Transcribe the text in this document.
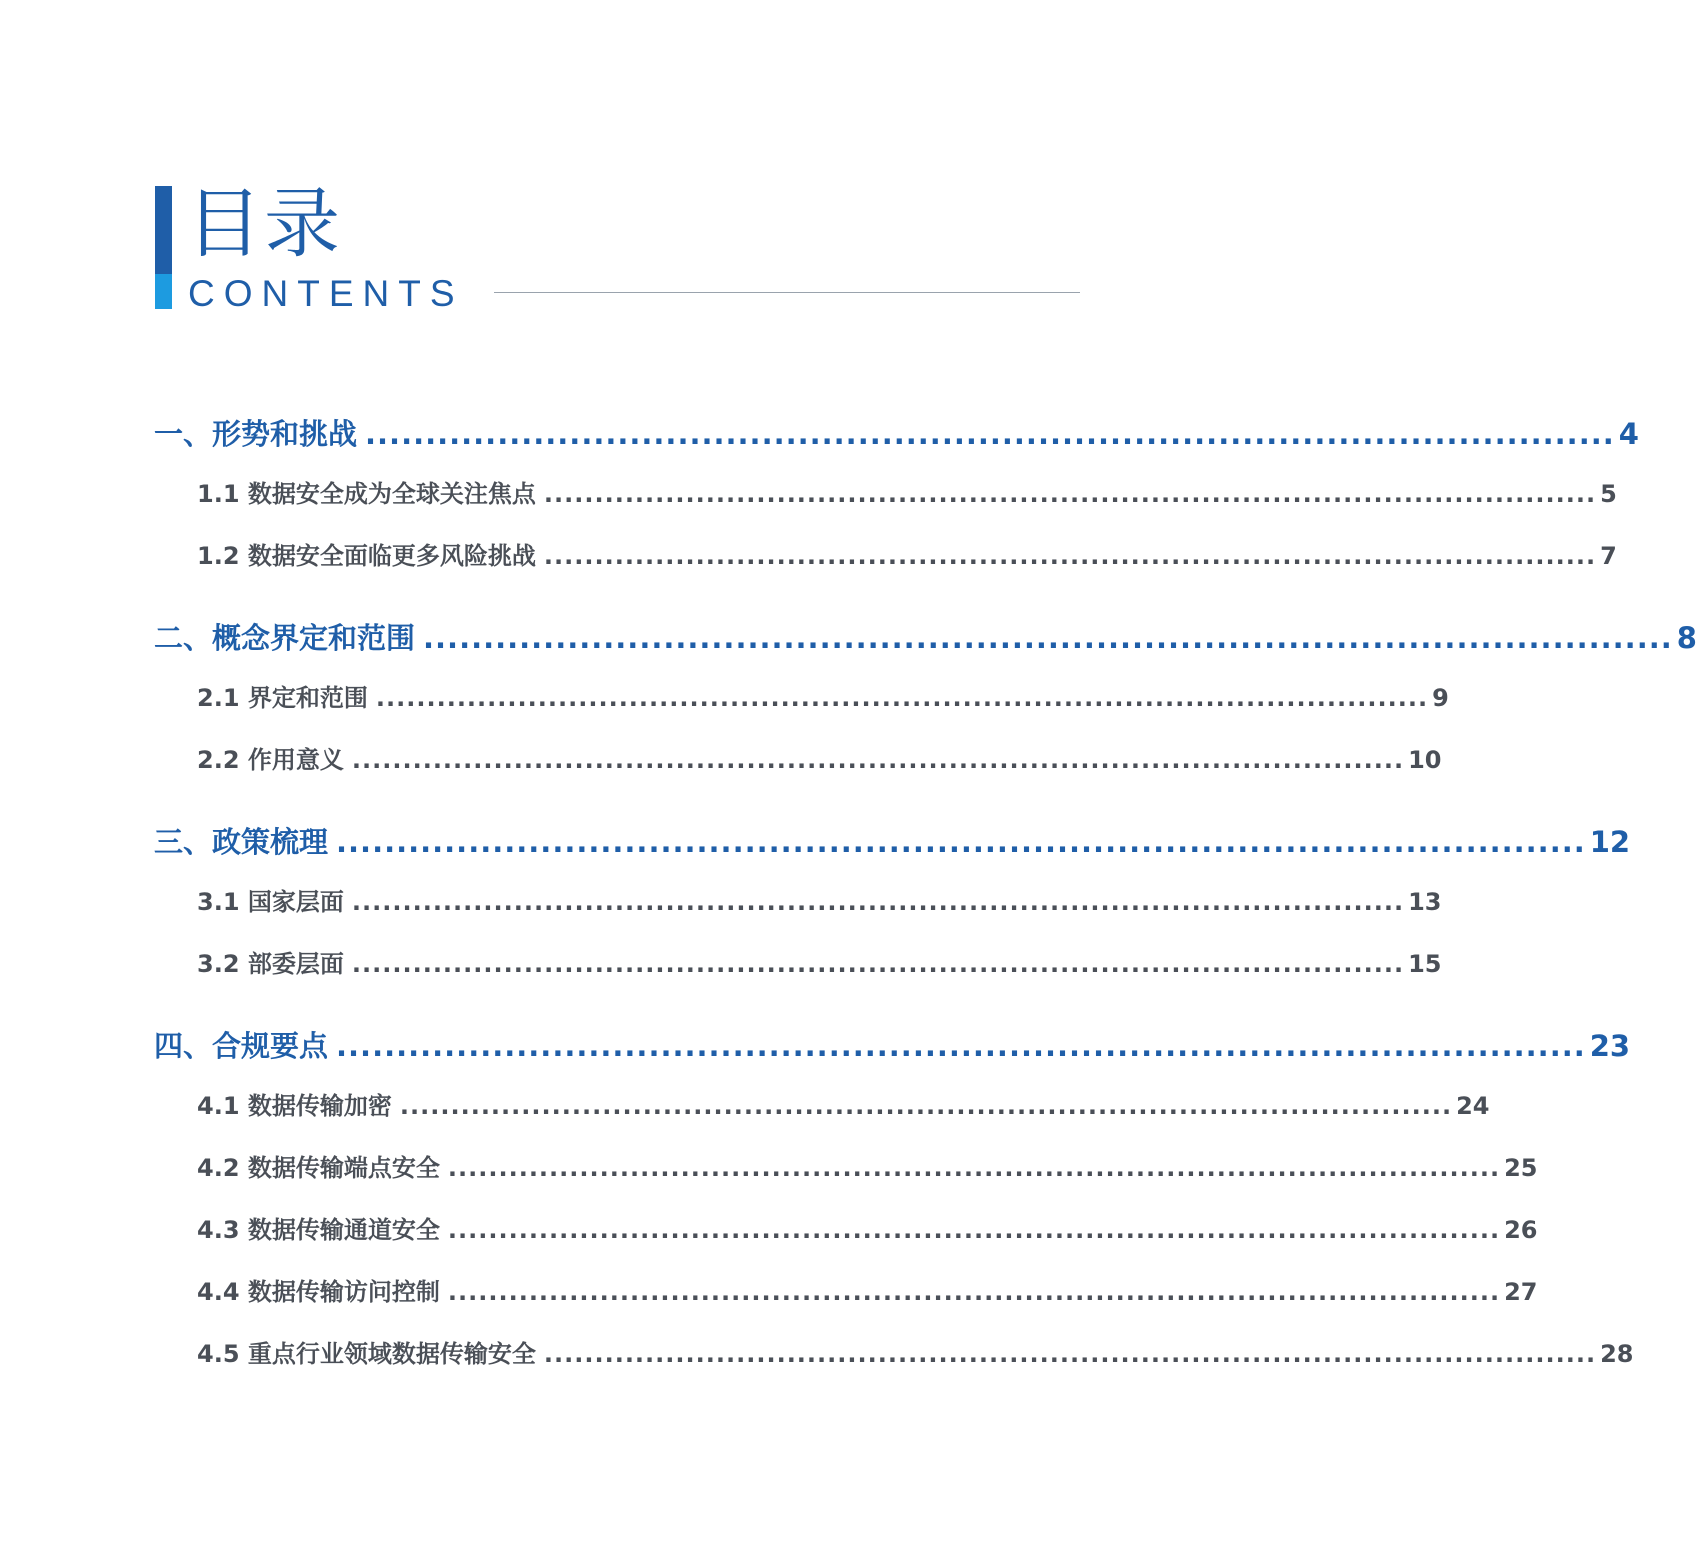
目录
CONTENTS
一、形势和挑战 ........................................................................................................ 4
1.1 数据安全成为全球关注焦点 ........................................................................................................ 5
1.2 数据安全面临更多风险挑战 ........................................................................................................ 7
二、概念界定和范围 ........................................................................................................ 8
2.1 界定和范围 ........................................................................................................ 9
2.2 作用意义 ........................................................................................................ 10
三、政策梳理 ........................................................................................................ 12
3.1 国家层面 ........................................................................................................ 13
3.2 部委层面 ........................................................................................................ 15
四、合规要点 ........................................................................................................ 23
4.1 数据传输加密 ........................................................................................................ 24
4.2 数据传输端点安全 ........................................................................................................ 25
4.3 数据传输通道安全 ........................................................................................................ 26
4.4 数据传输访问控制 ........................................................................................................ 27
4.5 重点行业领域数据传输安全 ........................................................................................................ 28
